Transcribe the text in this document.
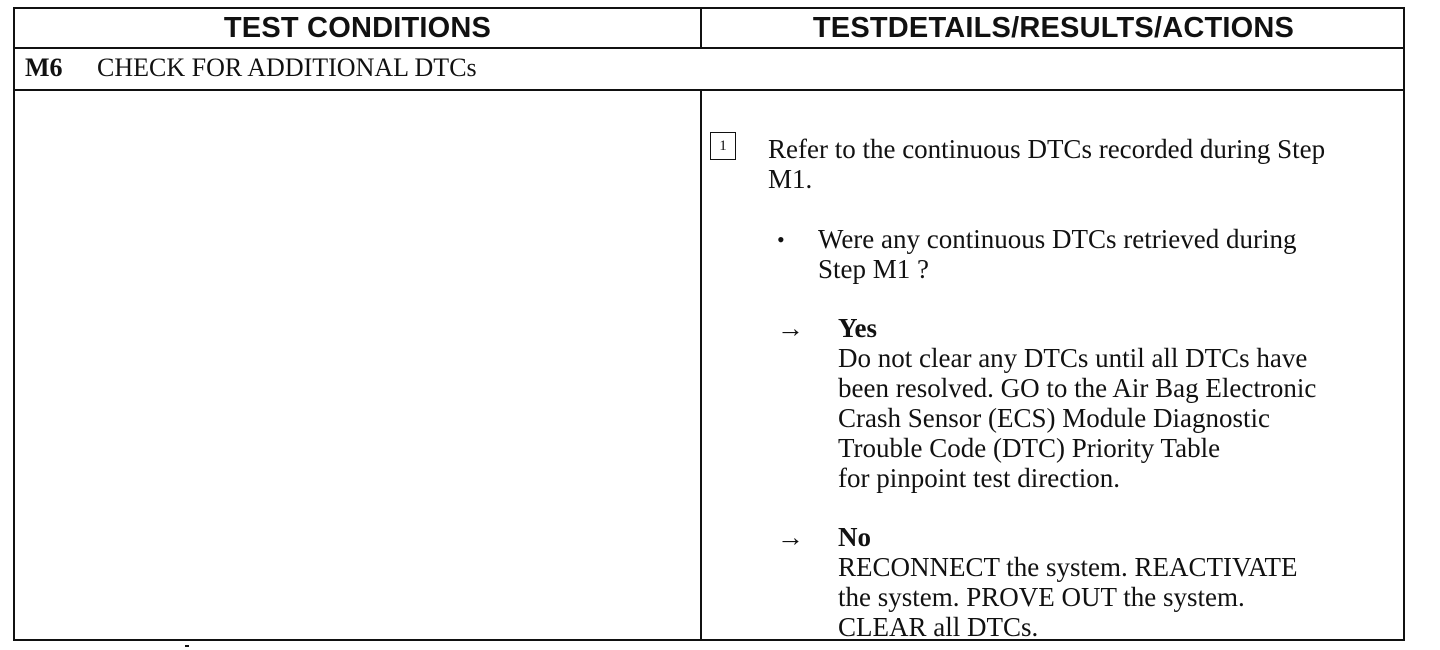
TEST CONDITIONS	TESTDETAILS/RESULTS/ACTIONS
M6 CHECK FOR ADDITIONAL DTCs
1	Refer to the continuous DTCs recorded during Step
M1.
• Were any continuous DTCs retrieved during
Step M1 ?
→ Yes
Do not clear any DTCs until all DTCs have
been resolved. GO to the Air Bag Electronic
Crash Sensor (ECS) Module Diagnostic
Trouble Code (DTC) Priority Table
for pinpoint test direction.
→ No
RECONNECT the system. REACTIVATE
the system. PROVE OUT the system.
CLEAR all DTCs.
